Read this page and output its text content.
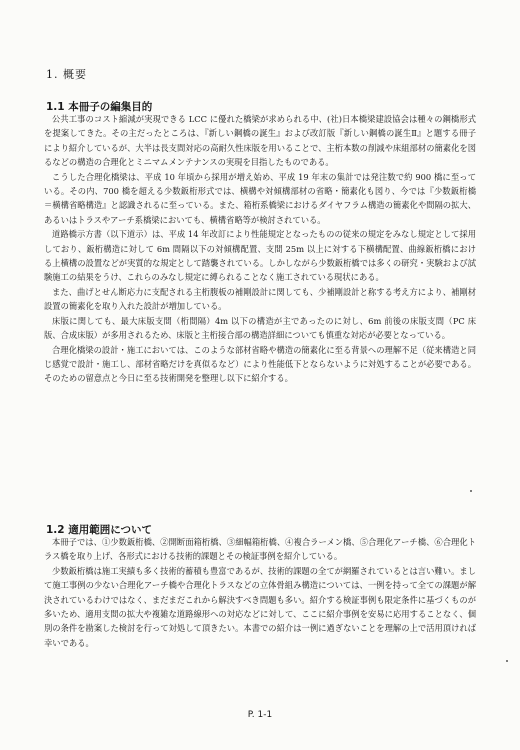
1. 概要
1.1 本冊子の編集目的

公共工事のコスト縮減が実現できる LCC に優れた橋梁が求められる中、(社)日本橋梁建設協会は種々の鋼橋形式を提案してきた。その主だったところは、『新しい鋼橋の誕生』および改訂版『新しい鋼橋の誕生Ⅱ』と題する冊子により紹介しているが、大半は長支間対応の高耐久性床版を用いることで、主桁本数の削減や床組部材の簡素化を図るなどの構造の合理化とミニマムメンテナンスの実現を目指したものである。

こうした合理化橋梁は、平成 10 年頃から採用が増え始め、平成 19 年末の集計では発注数で約 900 橋に至っている。その内、700 橋を超える少数鈑桁形式では、横構や対傾構部材の省略・簡素化も図り、今では『少数鈑桁橋＝横構省略構造』と認識されるに至っている。また、箱桁系橋梁におけるダイヤフラム構造の簡素化や間隔の拡大、あるいはトラスやアーチ系橋梁においても、横構省略等が検討されている。

道路橋示方書（以下道示）は、平成 14 年改訂により性能規定となったものの従来の規定をみなし規定として採用しており、鈑桁構造に対して 6m 間隔以下の対傾構配置、支間 25m 以上に対する下横構配置、曲線鈑桁橋における上横構の設置などが実質的な規定として踏襲されている。しかしながら少数鈑桁橋では多くの研究・実験および試験施工の結果をうけ、これらのみなし規定に縛られることなく施工されている現状にある。

また、曲げとせん断応力に支配される主桁腹板の補剛設計に関しても、少補剛設計と称する考え方により、補剛材設置の簡素化を取り入れた設計が増加している。

床版に関しても、最大床版支間（桁間隔）4m 以下の構造が主であったのに対し、6m 前後の床版支間（PC 床版、合成床版）が多用されるため、床版と主桁接合部の構造詳細についても慎重な対応が必要となっている。

合理化橋梁の設計・施工においては、このような部材省略や構造の簡素化に至る背景への理解不足（従来構造と同じ感覚で設計・施工し、部材省略だけを真似るなど）により性能低下とならないように対処することが必要である。そのための留意点と今日に至る技術開発を整理し以下に紹介する。

1.2 適用範囲について

本冊子では、①少数鈑桁橋、②開断面箱桁橋、③細幅箱桁橋、④複合ラーメン橋、⑤合理化アーチ橋、⑥合理化トラス橋を取り上げ、各形式における技術的課題とその検証事例を紹介している。

少数鈑桁橋は施工実績も多く技術的蓄積も豊富であるが、技術的課題の全てが網羅されているとは言い難い。まして施工事例の少ない合理化アーチ橋や合理化トラスなどの立体骨組み構造については、一例を持って全ての課題が解決されているわけではなく、まだまだこれから解決すべき問題も多い。紹介する検証事例も限定条件に基づくものが多いため、適用支間の拡大や複雑な道路線形への対応などに対して、ここに紹介事例を安易に応用することなく、個別の条件を勘案した検討を行って対処して頂きたい。本書での紹介は一例に過ぎないことを理解の上で活用頂ければ幸いである。

P. 1-1
